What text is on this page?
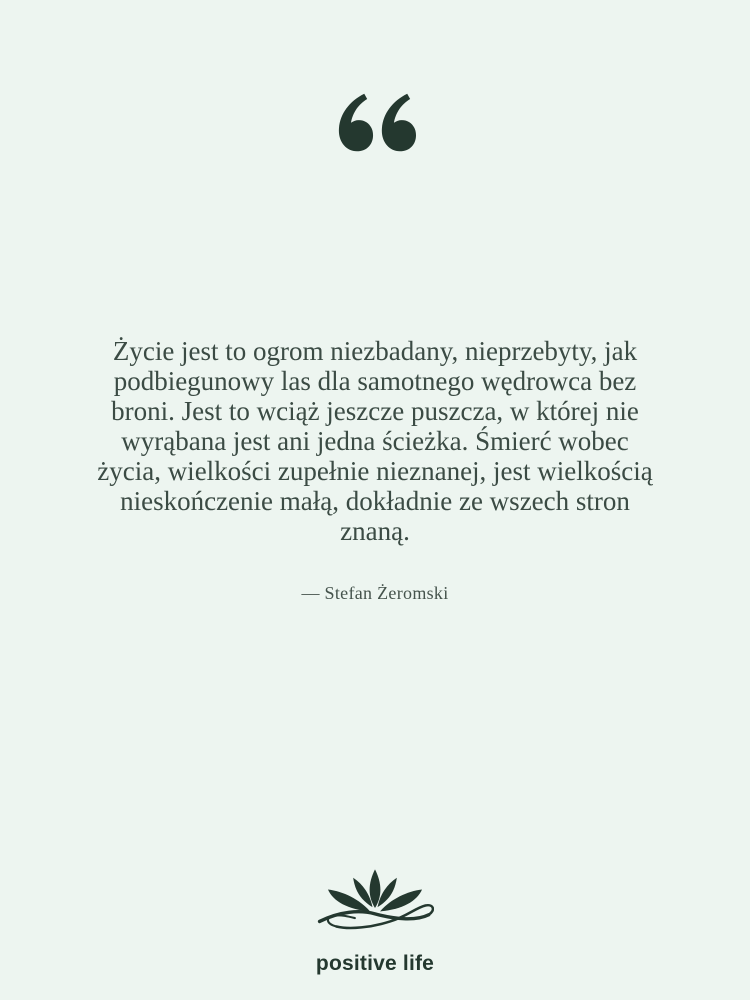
Życie jest to ogrom niezbadany, nieprzebyty, jak
podbiegunowy las dla samotnego wędrowca bez
broni. Jest to wciąż jeszcze puszcza, w której nie
wyrąbana jest ani jedna ścieżka. Śmierć wobec
życia, wielkości zupełnie nieznanej, jest wielkością
nieskończenie małą, dokładnie ze wszech stron
znaną.
— Stefan Żeromski
positive life
